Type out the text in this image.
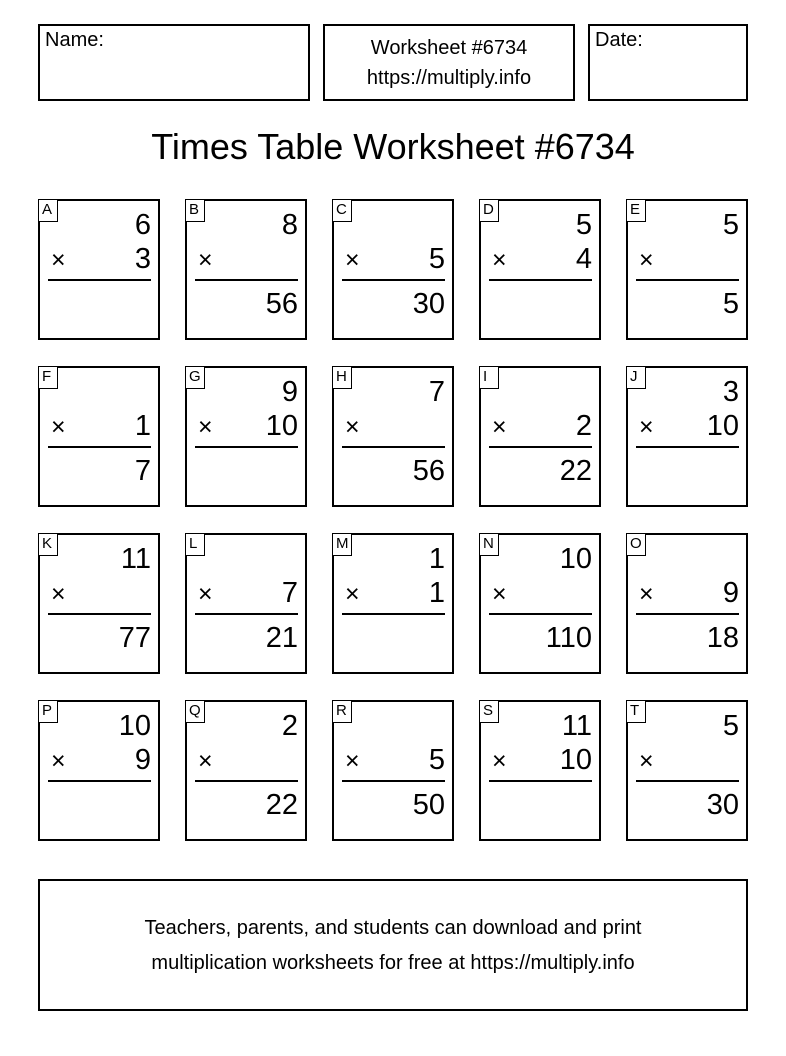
Name:	Worksheet #6734
https://multiply.info
Date:
Times Table Worksheet #6734
A	6
× 3
B	8
×
56
C
× 5
30
D	5
× 4
E	5
×
5
F
× 1
7
G	9
× 10
H	7
×
56
I
× 2
22
J	3
× 10
K 11
×
77
L
× 7
21
M	1
× 1
N 10
×
110
O
× 9
18
P 10
× 9
Q	2
×
22
R
× 5
50
S 11
× 10
T	5
×
30
Teachers, parents, and students can download and print
multiplication worksheets for free at https://multiply.info
